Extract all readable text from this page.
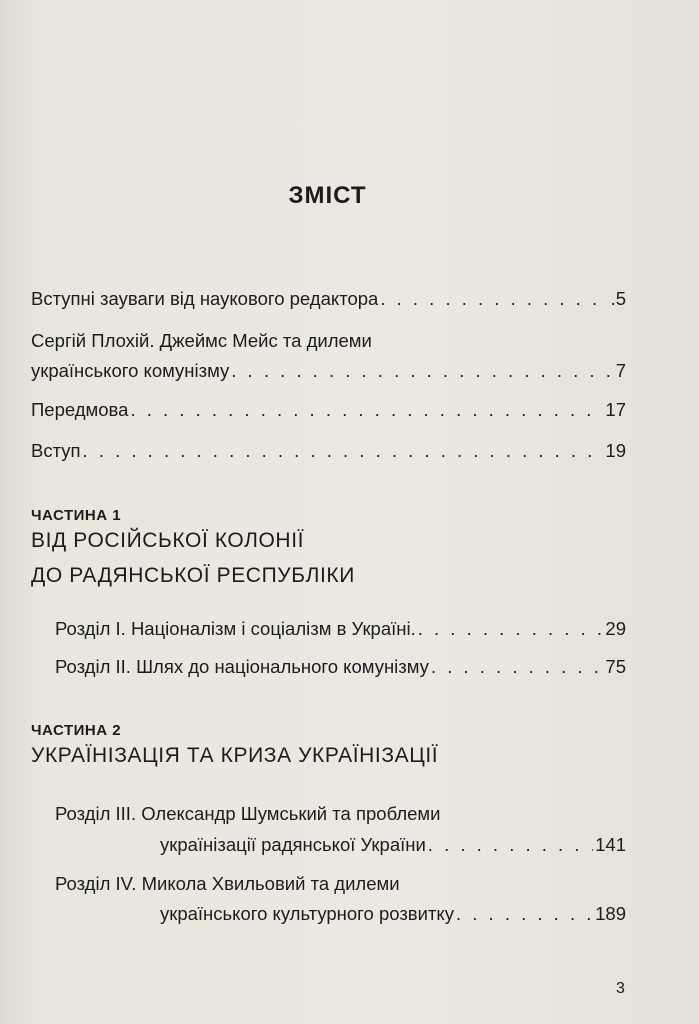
ЗМІСТ
Вступні зауваги від наукового редактора . . .	.5
Сергій Плохій. Джеймс Мейс та дилеми
українського комунізму . . .	7
Передмова . . .	17
Вступ . . .	19
ЧАСТИНА 1
ВІД РОСІЙСЬКОЇ КОЛОНІЇ
ДО РАДЯНСЬКОЇ РЕСПУБЛІКИ
Розділ І. Націоналізм і соціалізм в Україні. . . .	29
Розділ ІІ. Шлях до національного комунізму . . .	75
ЧАСТИНА 2
УКРАЇНІЗАЦІЯ ТА КРИЗА УКРАЇНІЗАЦІЇ
Розділ ІІІ. Олександр Шумський та проблеми
українізації радянської України . . .	141
Розділ IV. Микола Хвильовий та дилеми
українського культурного розвитку . . .	189
3
